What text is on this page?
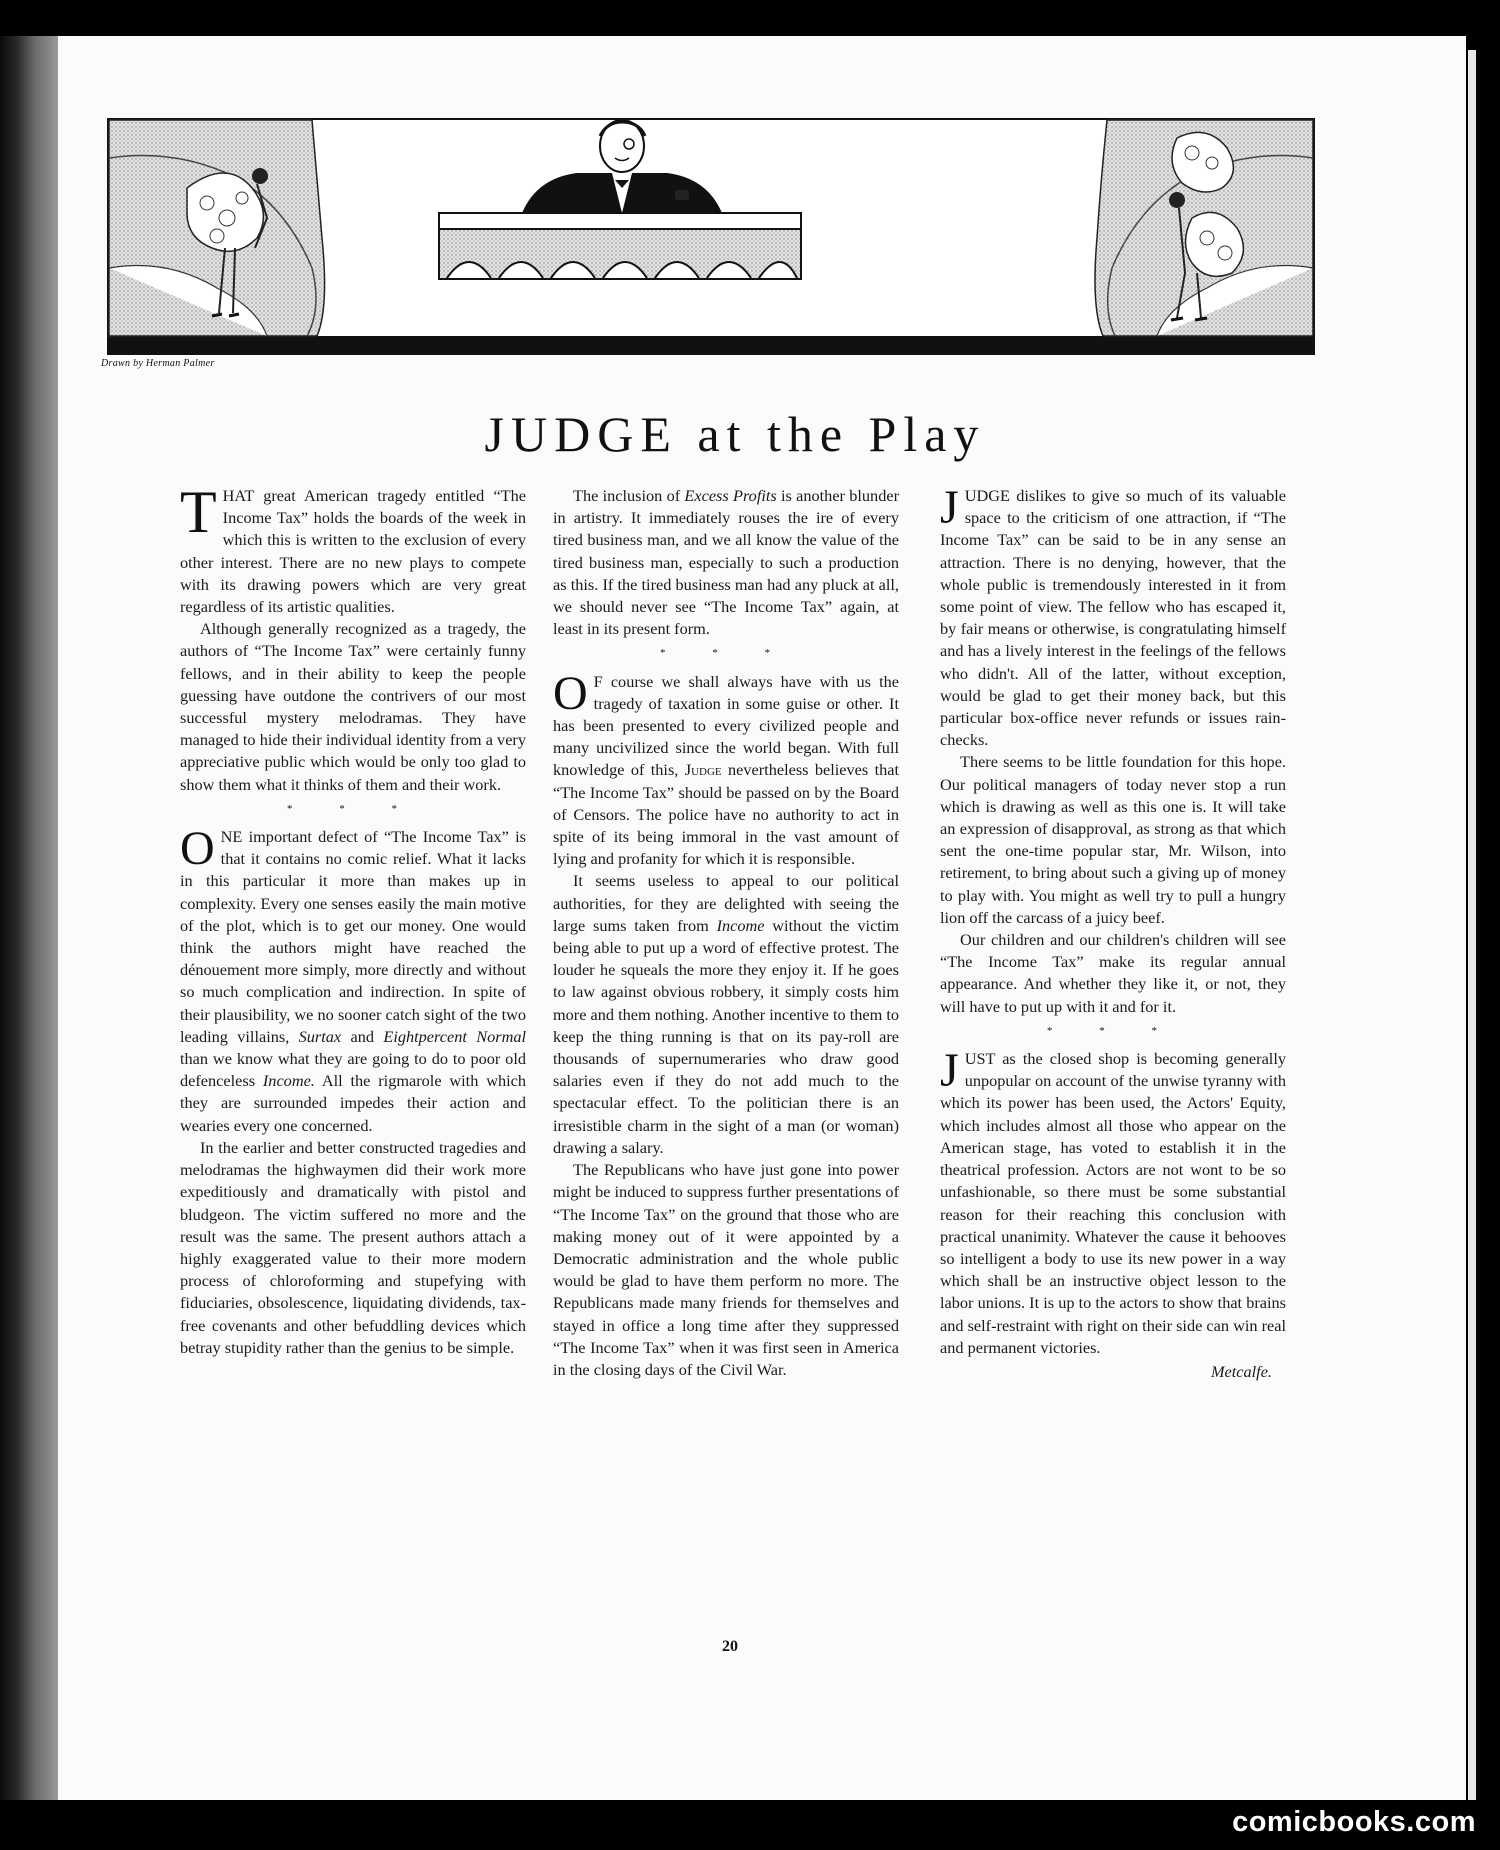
Drawn by Herman Palmer
JUDGE at the Play

THAT great American tragedy entitled “The Income Tax” holds the boards of the week in which this is written to the exclusion of every other interest. There are no new plays to compete with its drawing powers which are very great regardless of its artistic qualities.

Although generally recognized as a tragedy, the authors of “The Income Tax” were certainly funny fellows, and in their ability to keep the people guessing have outdone the contrivers of our most successful mystery melodramas. They have managed to hide their individual identity from a very appreciative public which would be only too glad to show them what it thinks of them and their work.

* * *

ONE important defect of “The Income Tax” is that it contains no comic relief. What it lacks in this particular it more than makes up in complexity. Every one senses easily the main motive of the plot, which is to get our money. One would think the authors might have reached the dénouement more simply, more directly and without so much complication and indirection. In spite of their plausibility, we no sooner catch sight of the two leading villains, Surtax and Eightpercent Normal than we know what they are going to do to poor old defenceless Income. All the rigmarole with which they are surrounded impedes their action and wearies every one concerned.

In the earlier and better constructed tragedies and melodramas the highwaymen did their work more expeditiously and dramatically with pistol and bludgeon. The victim suffered no more and the result was the same. The present authors attach a highly exaggerated value to their more modern process of chloroforming and stupefying with fiduciaries, obsolescence, liquidating dividends, tax-free covenants and other befuddling devices which betray stupidity rather than the genius to be simple.

The inclusion of Excess Profits is another blunder in artistry. It immediately rouses the ire of every tired business man, and we all know the value of the tired business man, especially to such a production as this. If the tired business man had any pluck at all, we should never see “The Income Tax” again, at least in its present form.

* * *

O F course we shall always have with us the tragedy of taxation in some guise or other. It has been presented to every civilized people and many uncivilized since the world began. With full knowledge of this, Judge nevertheless believes that “The Income Tax” should be passed on by the Board of Censors. The police have no authority to act in spite of its being immoral in the vast amount of lying and profanity for which it is responsible.

It seems useless to appeal to our political authorities, for they are delighted with seeing the large sums taken from Income without the victim being able to put up a word of effective protest. The louder he squeals the more they enjoy it. If he goes to law against obvious robbery, it simply costs him more and them nothing. Another incentive to them to keep the thing running is that on its pay-roll are thousands of supernumeraries who draw good salaries even if they do not add much to the spectacular effect. To the politician there is an irresistible charm in the sight of a man (or woman) drawing a salary.

The Republicans who have just gone into power might be induced to suppress further presentations of “The Income Tax” on the ground that those who are making money out of it were appointed by a Democratic administration and the whole public would be glad to have them perform no more. The Republicans made many friends for themselves and stayed in office a long time after they suppressed “The Income Tax” when it was first seen in America in the closing days of the Civil War.

JUDGE dislikes to give so much of its valuable space to the criticism of one attraction, if “The Income Tax” can be said to be in any sense an attraction. There is no denying, however, that the whole public is tremendously interested in it from some point of view. The fellow who has escaped it, by fair means or otherwise, is congratulating himself and has a lively interest in the feelings of the fellows who didn't. All of the latter, without exception, would be glad to get their money back, but this particular box-office never refunds or issues rain-checks.

There seems to be little foundation for this hope. Our political managers of today never stop a run which is drawing as well as this one is. It will take an expression of disapproval, as strong as that which sent the one-time popular star, Mr. Wilson, into retirement, to bring about such a giving up of money to play with. You might as well try to pull a hungry lion off the carcass of a juicy beef.

Our children and our children's children will see “The Income Tax” make its regular annual appearance. And whether they like it, or not, they will have to put up with it and for it.

* * *

JUST as the closed shop is becoming generally unpopular on account of the unwise tyranny with which its power has been used, the Actors' Equity, which includes almost all those who appear on the American stage, has voted to establish it in the theatrical profession. Actors are not wont to be so unfashionable, so there must be some substantial reason for their reaching this conclusion with practical unanimity. Whatever the cause it behooves so intelligent a body to use its new power in a way which shall be an instructive object lesson to the labor unions. It is up to the actors to show that brains and self-restraint with right on their side can win real and permanent victories.

Metcalfe.
20
comicbooks.com
